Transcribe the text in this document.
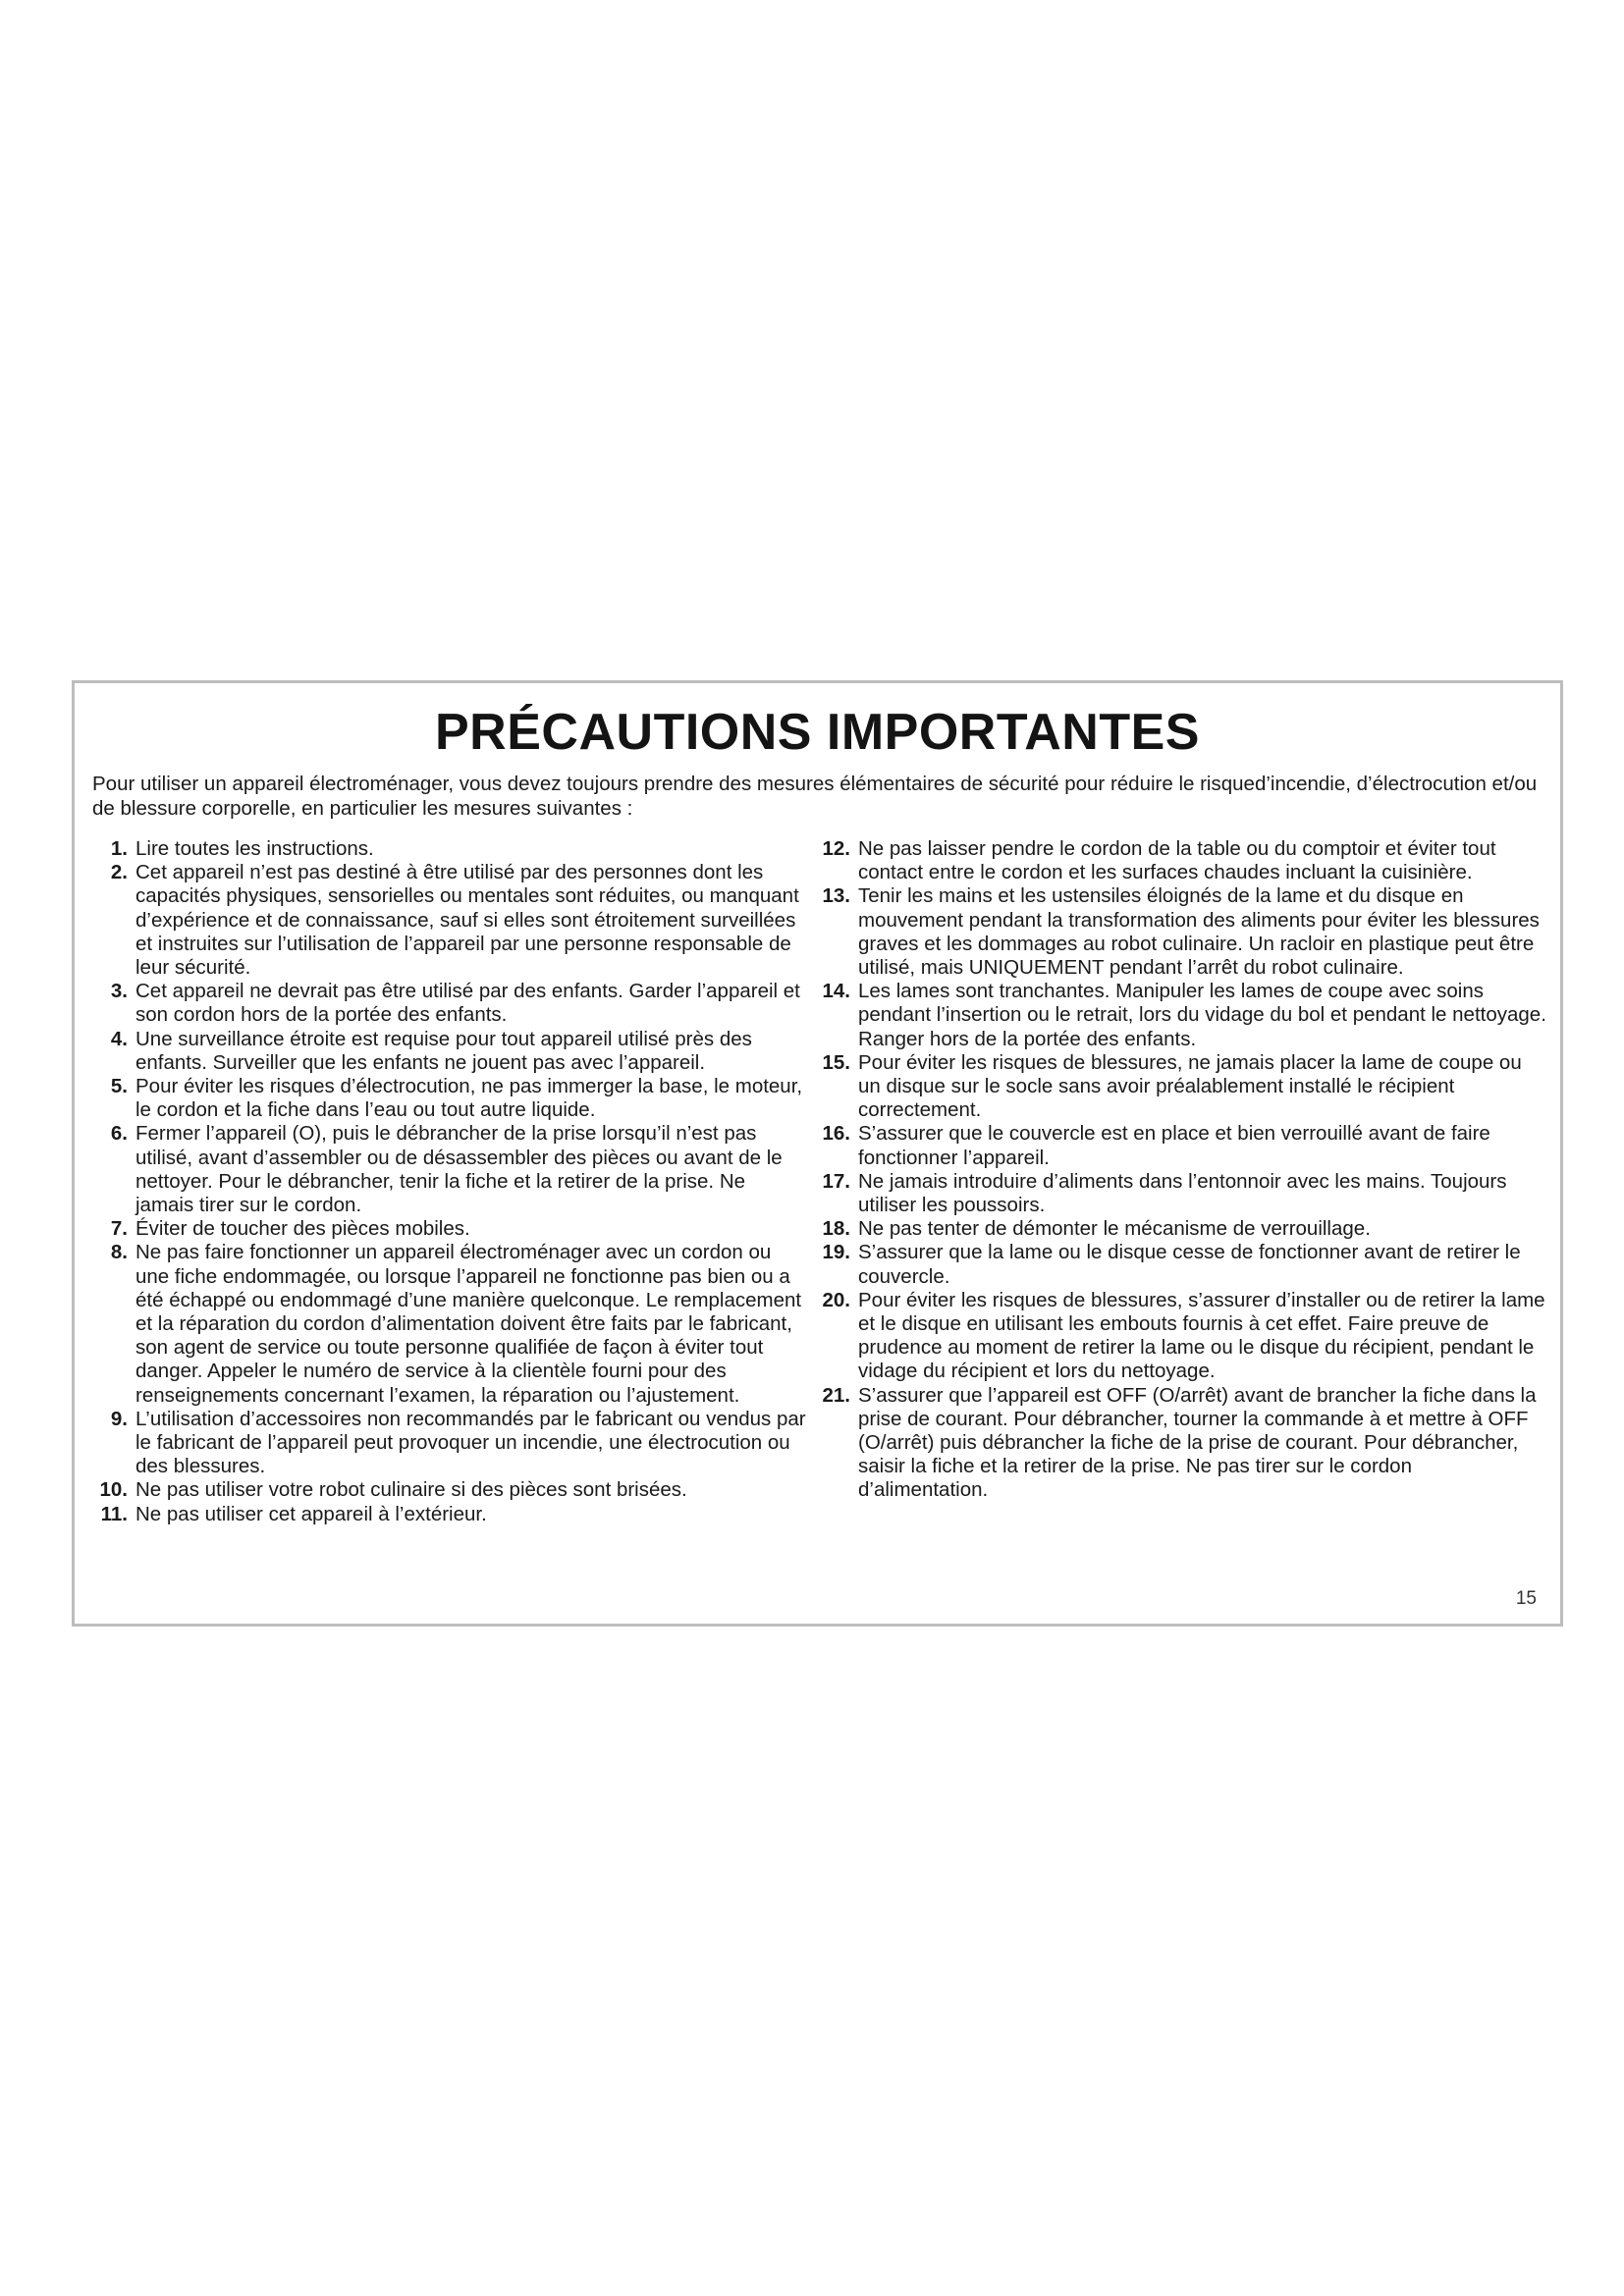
PRÉCAUTIONS IMPORTANTES

Pour utiliser un appareil électroménager, vous devez toujours prendre des mesures élémentaires de sécurité pour réduire le risqued’incendie, d’électrocution et/ou de blessure corporelle, en particulier les mesures suivantes :

1. Lire toutes les instructions.
2. Cet appareil n’est pas destiné à être utilisé par des personnes dont les capacités physiques, sensorielles ou mentales sont réduites, ou manquant d’expérience et de connaissance, sauf si elles sont étroitement surveillées et instruites sur l’utilisation de l’appareil par une personne responsable de leur sécurité.
3. Cet appareil ne devrait pas être utilisé par des enfants. Garder l’appareil et son cordon hors de la portée des enfants.
4. Une surveillance étroite est requise pour tout appareil utilisé près des enfants. Surveiller que les enfants ne jouent pas avec l’appareil.
5. Pour éviter les risques d’électrocution, ne pas immerger la base, le moteur, le cordon et la fiche dans l’eau ou tout autre liquide.
6. Fermer l’appareil (O), puis le débrancher de la prise lorsqu’il n’est pas utilisé, avant d’assembler ou de désassembler des pièces ou avant de le nettoyer. Pour le débrancher, tenir la fiche et la retirer de la prise. Ne jamais tirer sur le cordon.
7. Éviter de toucher des pièces mobiles.
8. Ne pas faire fonctionner un appareil électroménager avec un cordon ou une fiche endommagée, ou lorsque l’appareil ne fonctionne pas bien ou a été échappé ou endommagé d’une manière quelconque. Le remplacement et la réparation du cordon d’alimentation doivent être faits par le fabricant, son agent de service ou toute personne qualifiée de façon à éviter tout danger. Appeler le numéro de service à la clientèle fourni pour des renseignements concernant l’examen, la réparation ou l’ajustement.
9. L’utilisation d’accessoires non recommandés par le fabricant ou vendus par le fabricant de l’appareil peut provoquer un incendie, une électrocution ou des blessures.
10. Ne pas utiliser votre robot culinaire si des pièces sont brisées.
11. Ne pas utiliser cet appareil à l’extérieur.
12. Ne pas laisser pendre le cordon de la table ou du comptoir et éviter tout contact entre le cordon et les surfaces chaudes incluant la cuisinière.
13. Tenir les mains et les ustensiles éloignés de la lame et du disque en mouvement pendant la transformation des aliments pour éviter les blessures graves et les dommages au robot culinaire. Un racloir en plastique peut être utilisé, mais UNIQUEMENT pendant l’arrêt du robot culinaire.
14. Les lames sont tranchantes. Manipuler les lames de coupe avec soins pendant l’insertion ou le retrait, lors du vidage du bol et pendant le nettoyage. Ranger hors de la portée des enfants.
15. Pour éviter les risques de blessures, ne jamais placer la lame de coupe ou un disque sur le socle sans avoir préalablement installé le récipient correctement.
16. S’assurer que le couvercle est en place et bien verrouillé avant de faire fonctionner l’appareil.
17. Ne jamais introduire d’aliments dans l’entonnoir avec les mains. Toujours utiliser les poussoirs.
18. Ne pas tenter de démonter le mécanisme de verrouillage.
19. S’assurer que la lame ou le disque cesse de fonctionner avant de retirer le couvercle.
20. Pour éviter les risques de blessures, s’assurer d’installer ou de retirer la lame et le disque en utilisant les embouts fournis à cet effet. Faire preuve de prudence au moment de retirer la lame ou le disque du récipient, pendant le vidage du récipient et lors du nettoyage.
21. S’assurer que l’appareil est OFF (O/arrêt) avant de brancher la fiche dans la prise de courant. Pour débrancher, tourner la commande à et mettre à OFF (O/arrêt) puis débrancher la fiche de la prise de courant. Pour débrancher, saisir la fiche et la retirer de la prise. Ne pas tirer sur le cordon d’alimentation.
15
